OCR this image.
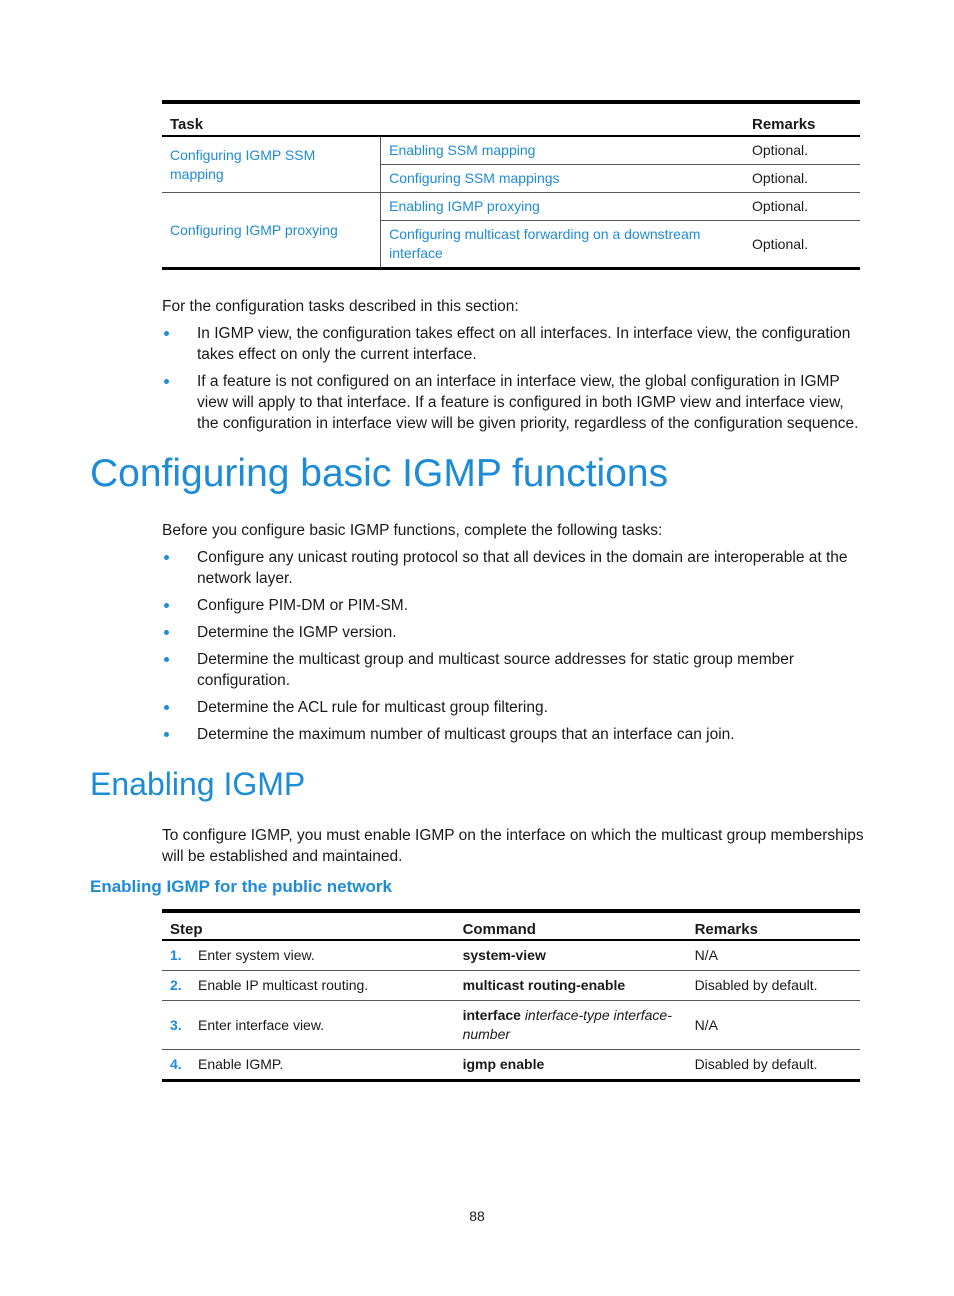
Task		Remarks
Configuring IGMP SSM mapping	Enabling SSM mapping	Optional.
	Configuring SSM mappings	Optional.
Configuring IGMP proxying	Enabling IGMP proxying	Optional.
	Configuring multicast forwarding on a downstream interface	Optional.

For the configuration tasks described in this section:

In IGMP view, the configuration takes effect on all interfaces. In interface view, the configuration takes effect on only the current interface.
If a feature is not configured on an interface in interface view, the global configuration in IGMP view will apply to that interface. If a feature is configured in both IGMP view and interface view, the configuration in interface view will be given priority, regardless of the configuration sequence.
Configuring basic IGMP functions

Before you configure basic IGMP functions, complete the following tasks:

Configure any unicast routing protocol so that all devices in the domain are interoperable at the network layer.
Configure PIM-DM or PIM-SM.
Determine the IGMP version.
Determine the multicast group and multicast source addresses for static group member configuration.
Determine the ACL rule for multicast group filtering.
Determine the maximum number of multicast groups that an interface can join.
Enabling IGMP

To configure IGMP, you must enable IGMP on the interface on which the multicast group memberships will be established and maintained.

Enabling IGMP for the public network
Step		Command	Remarks
1.	Enter system view.	system-view	N/A
2.	Enable IP multicast routing.	multicast routing-enable	Disabled by default.
3.	Enter interface view.	interface interface-type interface-number	N/A
4.	Enable IGMP.	igmp enable	Disabled by default.
88
